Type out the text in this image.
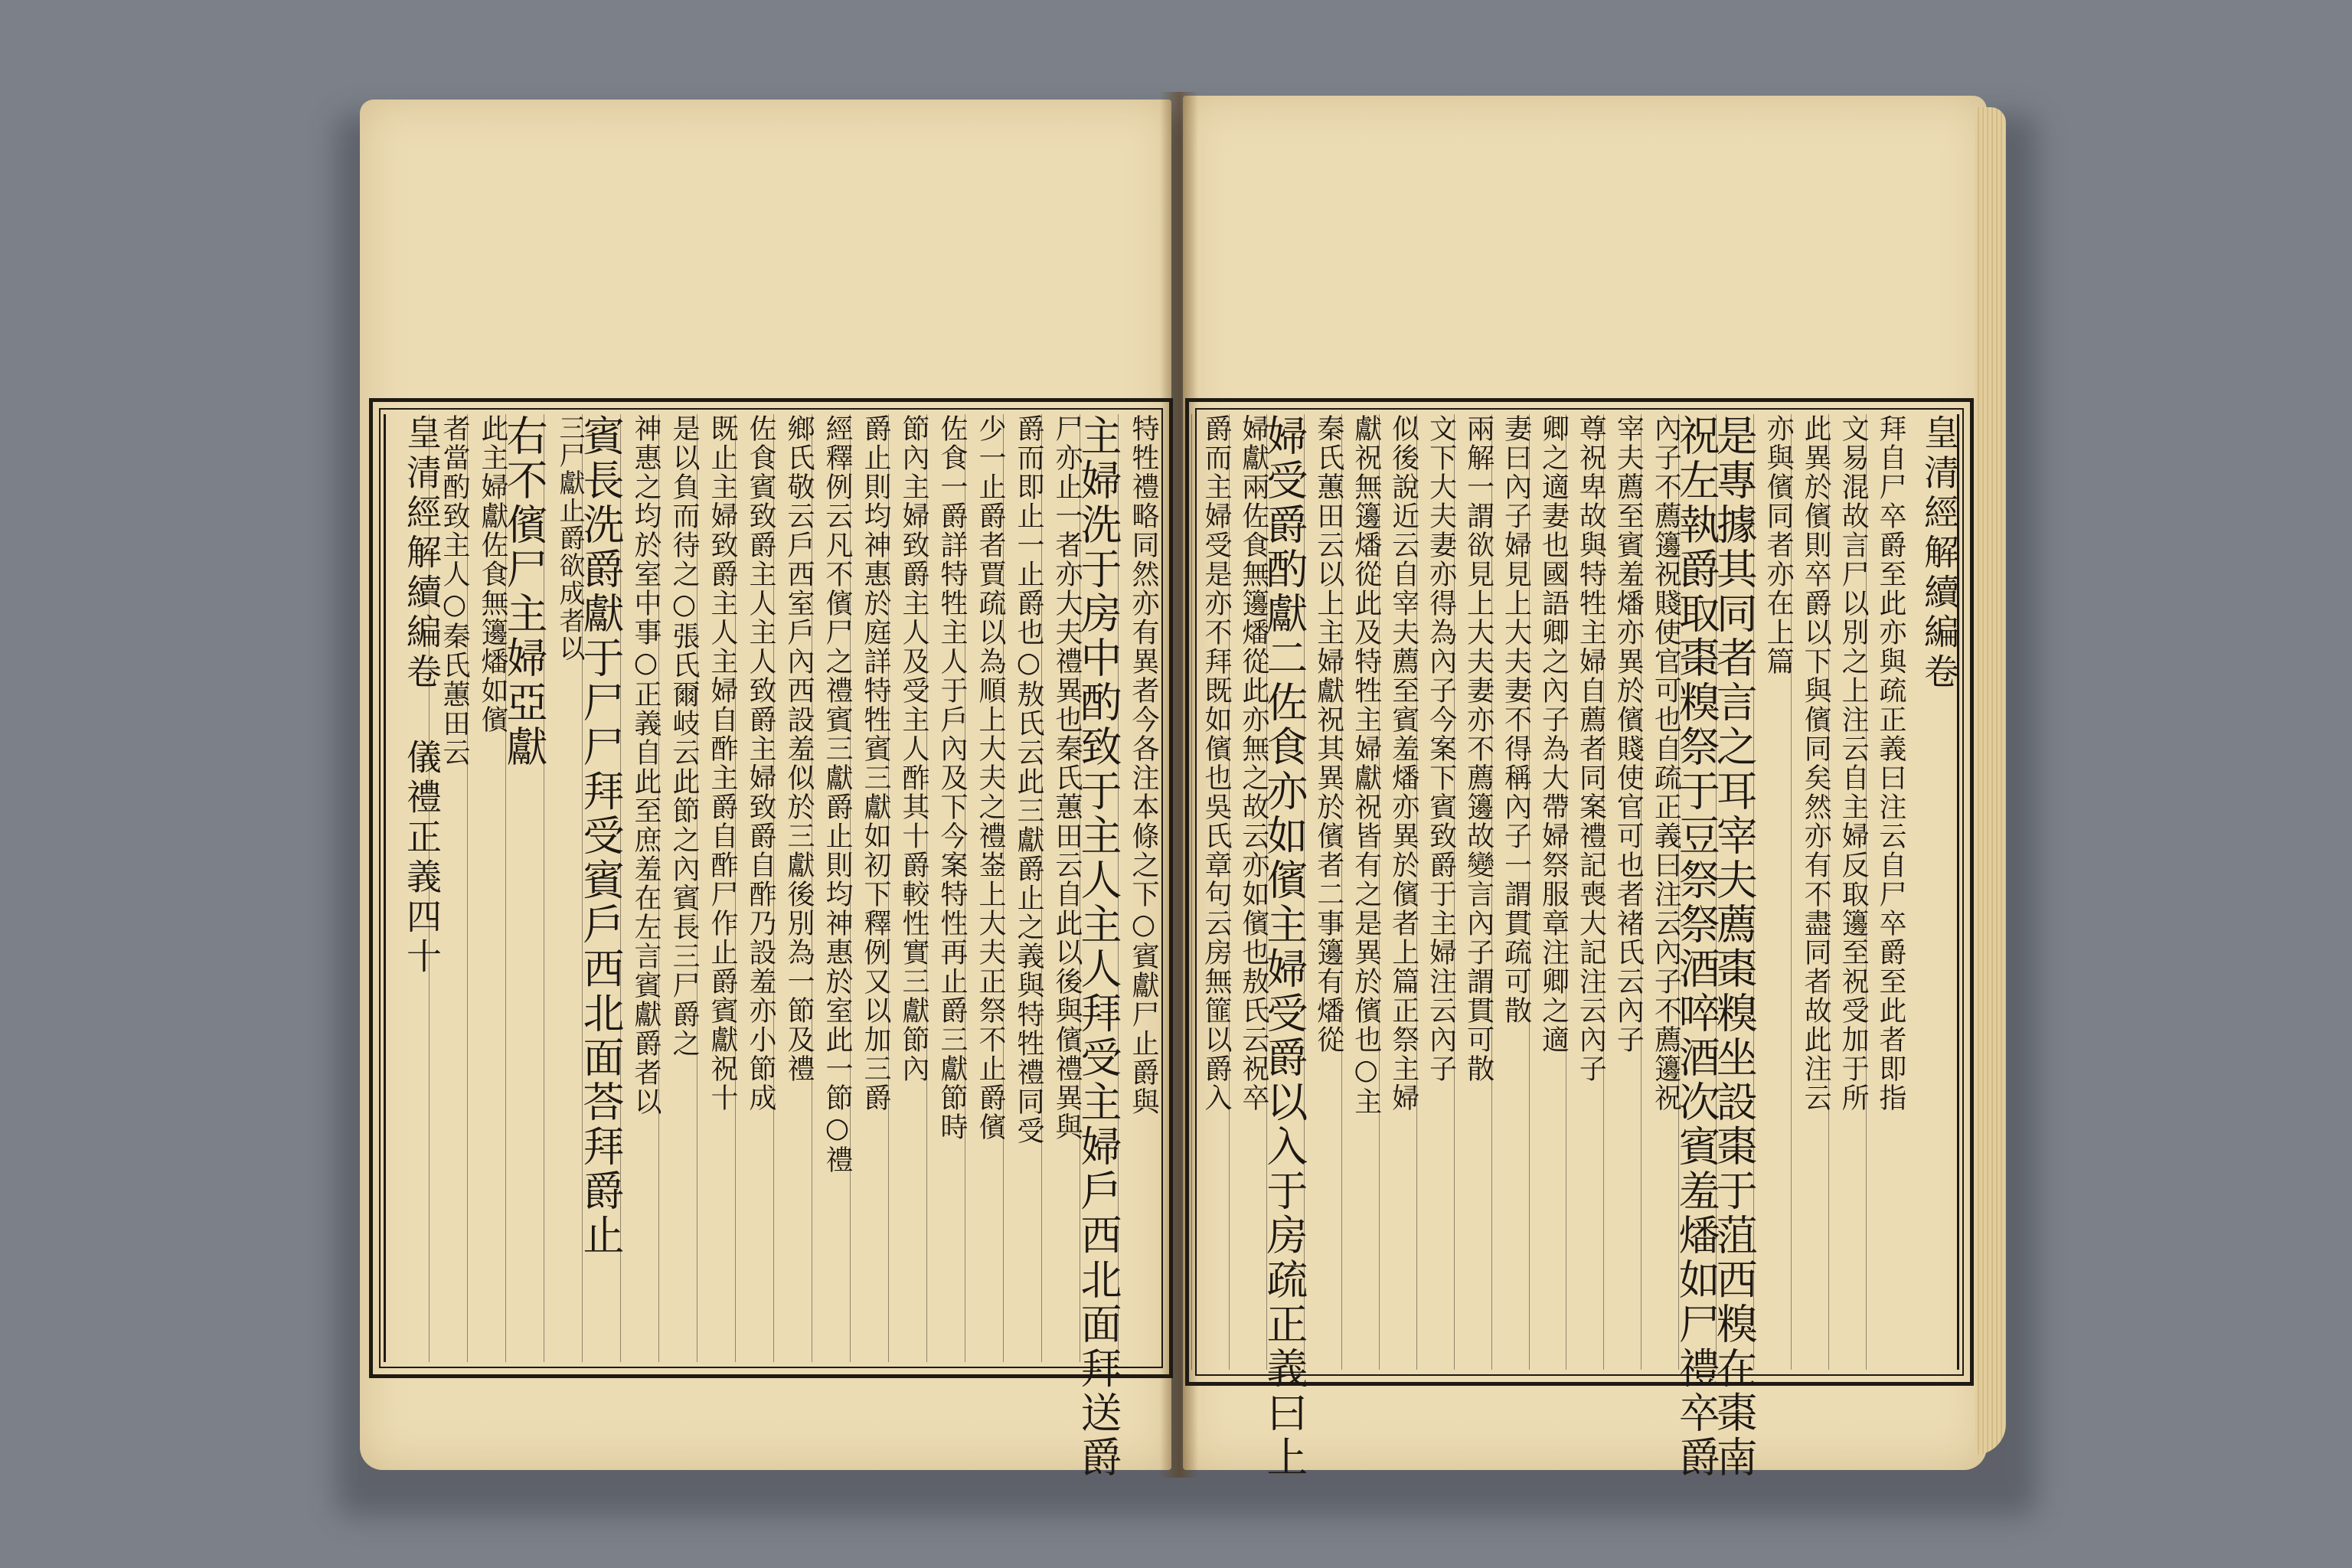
皇清經解續編卷 儀禮正義四十	特牲禮略同然亦有異者今各注本條之下○賓獻尸止爵與
主婦洗于房中酌致于主人主人拜受主婦戶西北面拜送爵
尸亦止一者亦大夫禮異也秦氏蕙田云自此以後與儐禮異與
爵而即止一止爵也○敖氏云此三獻爵止之義與特牲禮同受
少一止爵者賈疏以為順上大夫之禮崟上大夫正祭不止爵儐
佐食一爵詳特牲主人于戶內及下今案特性再止爵三獻節時
節內主婦致爵主人及受主人酢其十爵較性實三獻節內
爵止則均神惠於庭詳特牲賓三獻如初下釋例又以加三爵
經釋例云凡不儐尸之禮賓三獻爵止則均神惠於室此一節○禮
鄉氏敬云戶西室戶內西設羞似於三獻後別為一節及禮
佐食賓致爵主人主人致爵主婦致爵自酢乃設羞亦小節成
既止主婦致爵主人主婦自酢主爵自酢尸作止爵賓獻祝十
是以負而待之○張氏爾岐云此節之內賓長三尸爵之
神惠之均於室中事○正義自此至庶羞在左言賓獻爵者以
賓長洗爵獻于尸尸拜受賓戶西北面荅拜爵止
三尸獻止爵欲成者以
右不儐尸主婦亞獻
此主婦獻佐食無籩燔如儐
者當酌致主人○秦氏蕙田云	皇清經解續編卷
拜自尸卒爵至此亦與疏正義曰注云自尸卒爵至此者即指
文易混故言尸以別之上注云自主婦反取籩至祝受加于所
此異於儐則卒爵以下與儐同矣然亦有不盡同者故此注云
亦與儐同者亦在上篇
是專據其同者言之耳宰夫薦棗糗坐設棗于菹西糗在棗南
祝左執爵取棗糗祭于豆祭祭酒啐酒次賓羞燔如尸禮卒爵
內子不薦籩祝賤使官可也自疏正義曰注云內子不薦籩祝
宰夫薦至賓羞燔亦異於儐賤使官可也者褚氏云內子
尊祝卑故與特牲主婦自薦者同案禮記喪大記注云內子
卿之適妻也國語卿之內子為大帶婦祭服章注卿之適
妻曰內子婦見上大夫妻不得稱內子一謂貫疏可散
兩解一謂欲見上大夫妻亦不薦籩故變言內子謂貫可散
文下大夫妻亦得為內子今案下賓致爵于主婦注云內子
似後說近云自宰夫薦至賓羞燔亦異於儐者上篇正祭主婦
獻祝無籩燔從此及特牲主婦獻祝皆有之是異於儐也○主
秦氏蕙田云以上主婦獻祝其異於儐者二事籩有燔從
婦受爵酌獻二佐食亦如儐主婦受爵以入于房疏正義曰上
婦獻兩佐食無籩燔從此亦無之故云亦如儐也敖氏云祝卒
爵而主婦受是亦不拜既如儐也吳氏章句云房無篚以爵入
